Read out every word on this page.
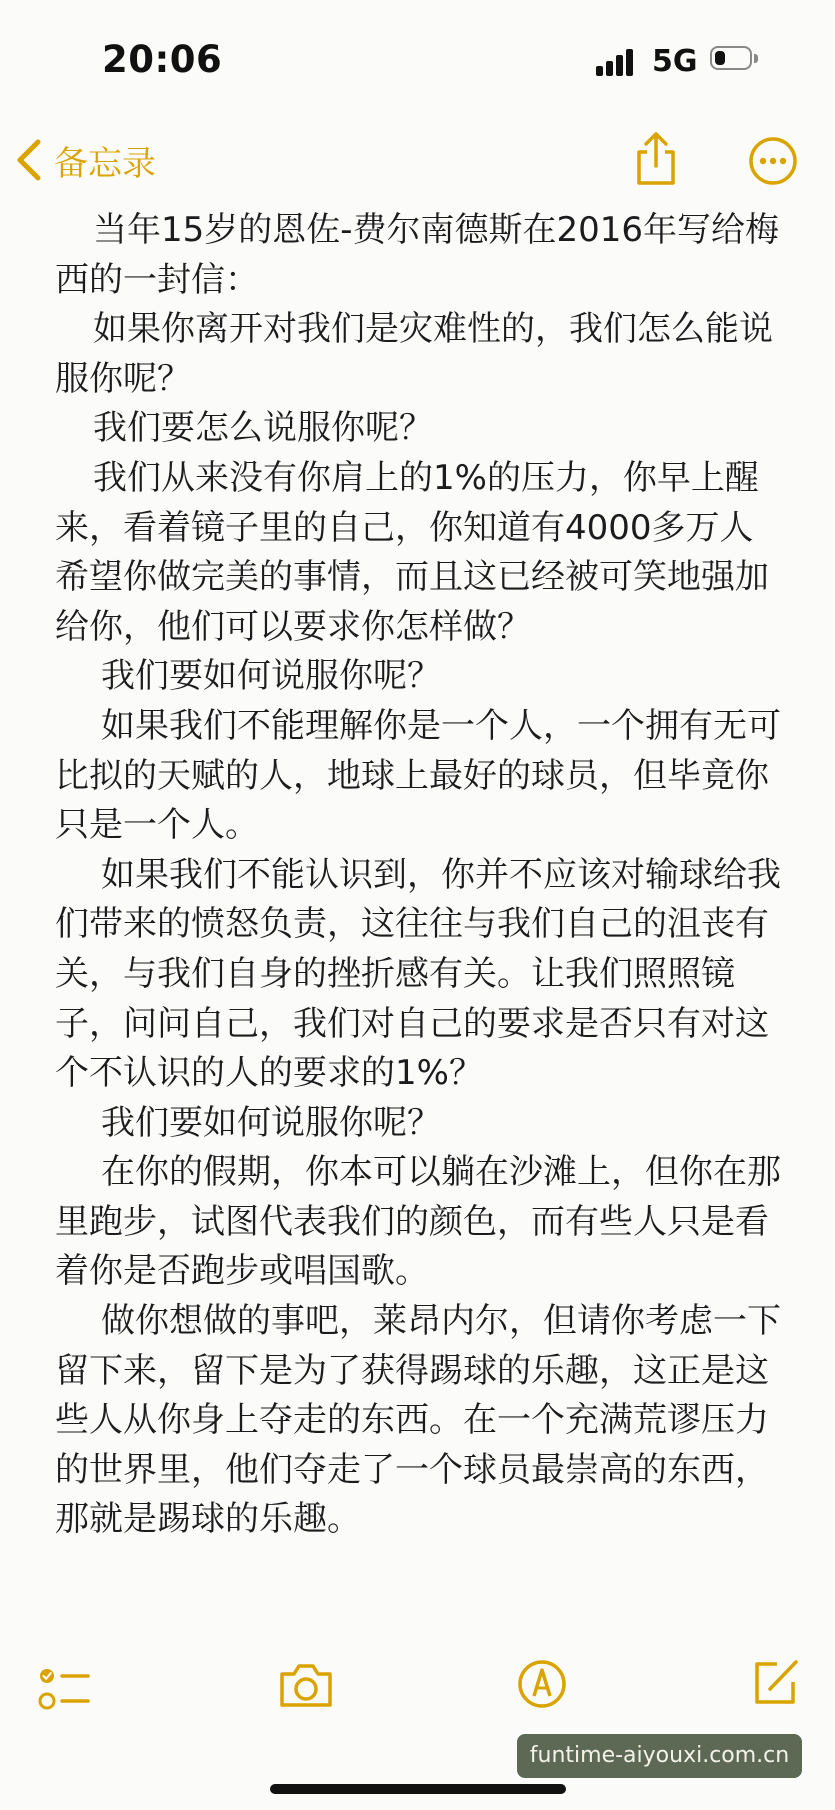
20:06	5G
备忘录

当年15岁的恩佐-费尔南德斯在2016年写给梅西的一封信：

如果你离开对我们是灾难性的，我们怎么能说服你呢？

我们要怎么说服你呢？

我们从来没有你肩上的1%的压力，你早上醒来，看着镜子里的自己，你知道有4000多万人希望你做完美的事情，而且这已经被可笑地强加给你，他们可以要求你怎样做？

我们要如何说服你呢？

如果我们不能理解你是一个人，一个拥有无可比拟的天赋的人，地球上最好的球员，但毕竟你只是一个人。

如果我们不能认识到，你并不应该对输球给我们带来的愤怒负责，这往往与我们自己的沮丧有关，与我们自身的挫折感有关。让我们照照镜子，问问自己，我们对自己的要求是否只有对这个不认识的人的要求的1%？

我们要如何说服你呢？

在你的假期，你本可以躺在沙滩上，但你在那里跑步，试图代表我们的颜色，而有些人只是看着你是否跑步或唱国歌。

做你想做的事吧，莱昂内尔，但请你考虑一下留下来，留下是为了获得踢球的乐趣，这正是这些人从你身上夺走的东西。在一个充满荒谬压力的世界里，他们夺走了一个球员最崇高的东西，那就是踢球的乐趣。

funtime-aiyouxi.com.cn
